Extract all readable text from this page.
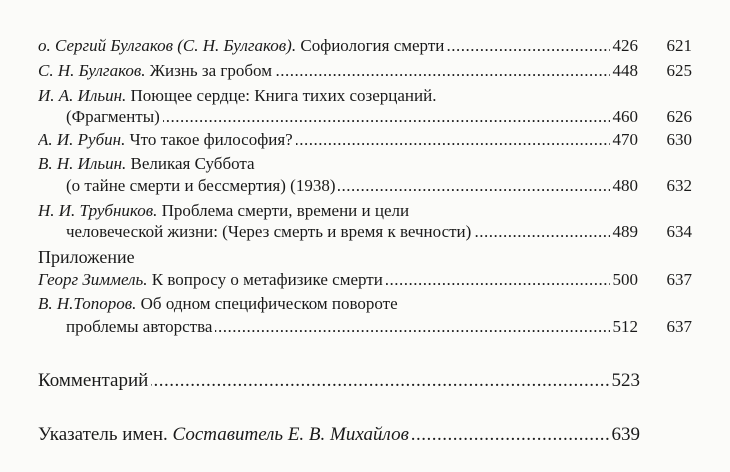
о. Сергий Булгаков (С. Н. Булгаков). Софиология смерти .....	426	621
С. Н. Булгаков. Жизнь за гробом .....	448	625
И. А. Ильин. Поющее сердце: Книга тихих созерцаний.
(Фрагменты) .....	460	626
А. И. Рубин. Что такое философия? .....	470	630
В. Н. Ильин. Великая Суббота
(о тайне смерти и бессмертия) (1938) .....	480	632
Н. И. Трубников. Проблема смерти, времени и цели
человеческой жизни: (Через смерть и время к вечности) .....	489	634
Приложение
Георг Зиммель. К вопросу о метафизике смерти .....	500	637
В. Н.Топоров. Об одном специфическом повороте
проблемы авторства .....	512	637
Комментарий .....	523
Указатель имен. Составитель Е. В. Михайлов .....	639
